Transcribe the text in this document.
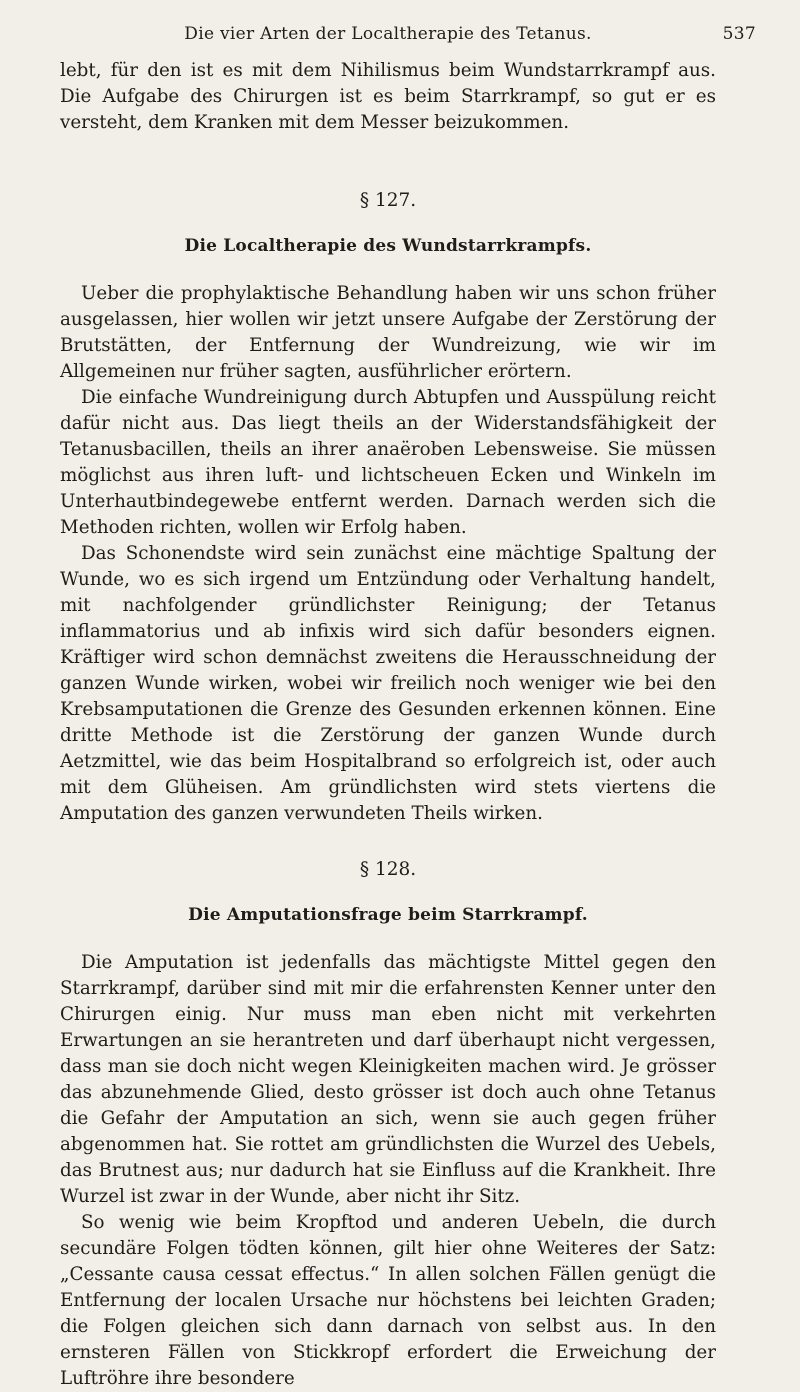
Die vier Arten der Localtherapie des Tetanus.	537

lebt, für den ist es mit dem Nihilismus beim Wundstarrkrampf aus. Die Aufgabe des Chirurgen ist es beim Starrkrampf, so gut er es versteht, dem Kranken mit dem Messer beizukommen.

§ 127.
Die Localtherapie des Wundstarrkrampfs.

Ueber die prophylaktische Behandlung haben wir uns schon früher ausgelassen, hier wollen wir jetzt unsere Aufgabe der Zerstörung der Brutstätten, der Entfernung der Wundreizung, wie wir im Allgemeinen nur früher sagten, ausführlicher erörtern.

Die einfache Wundreinigung durch Abtupfen und Ausspülung reicht dafür nicht aus. Das liegt theils an der Widerstandsfähigkeit der Tetanusbacillen, theils an ihrer anaëroben Lebensweise. Sie müssen möglichst aus ihren luft- und lichtscheuen Ecken und Winkeln im Unterhautbindegewebe entfernt werden. Darnach werden sich die Methoden richten, wollen wir Erfolg haben.

Das Schonendste wird sein zunächst eine mächtige Spaltung der Wunde, wo es sich irgend um Entzündung oder Verhaltung handelt, mit nachfolgender gründlichster Reinigung; der Tetanus inflammatorius und ab infixis wird sich dafür besonders eignen. Kräftiger wird schon demnächst zweitens die Herausschneidung der ganzen Wunde wirken, wobei wir freilich noch weniger wie bei den Krebsamputationen die Grenze des Gesunden erkennen können. Eine dritte Methode ist die Zerstörung der ganzen Wunde durch Aetzmittel, wie das beim Hospitalbrand so erfolgreich ist, oder auch mit dem Glüheisen. Am gründlichsten wird stets viertens die Amputation des ganzen verwundeten Theils wirken.

§ 128.
Die Amputationsfrage beim Starrkrampf.

Die Amputation ist jedenfalls das mächtigste Mittel gegen den Starrkrampf, darüber sind mit mir die erfahrensten Kenner unter den Chirurgen einig. Nur muss man eben nicht mit verkehrten Erwartungen an sie herantreten und darf überhaupt nicht vergessen, dass man sie doch nicht wegen Kleinigkeiten machen wird. Je grösser das abzunehmende Glied, desto grösser ist doch auch ohne Tetanus die Gefahr der Amputation an sich, wenn sie auch gegen früher abgenommen hat. Sie rottet am gründlichsten die Wurzel des Uebels, das Brutnest aus; nur dadurch hat sie Einfluss auf die Krankheit. Ihre Wurzel ist zwar in der Wunde, aber nicht ihr Sitz.

So wenig wie beim Kropftod und anderen Uebeln, die durch secundäre Folgen tödten können, gilt hier ohne Weiteres der Satz: „Cessante causa cessat effectus.“ In allen solchen Fällen genügt die Entfernung der localen Ursache nur höchstens bei leichten Graden; die Folgen gleichen sich dann darnach von selbst aus. In den ernsteren Fällen von Stickkropf erfordert die Erweichung der Luftröhre ihre besondere
